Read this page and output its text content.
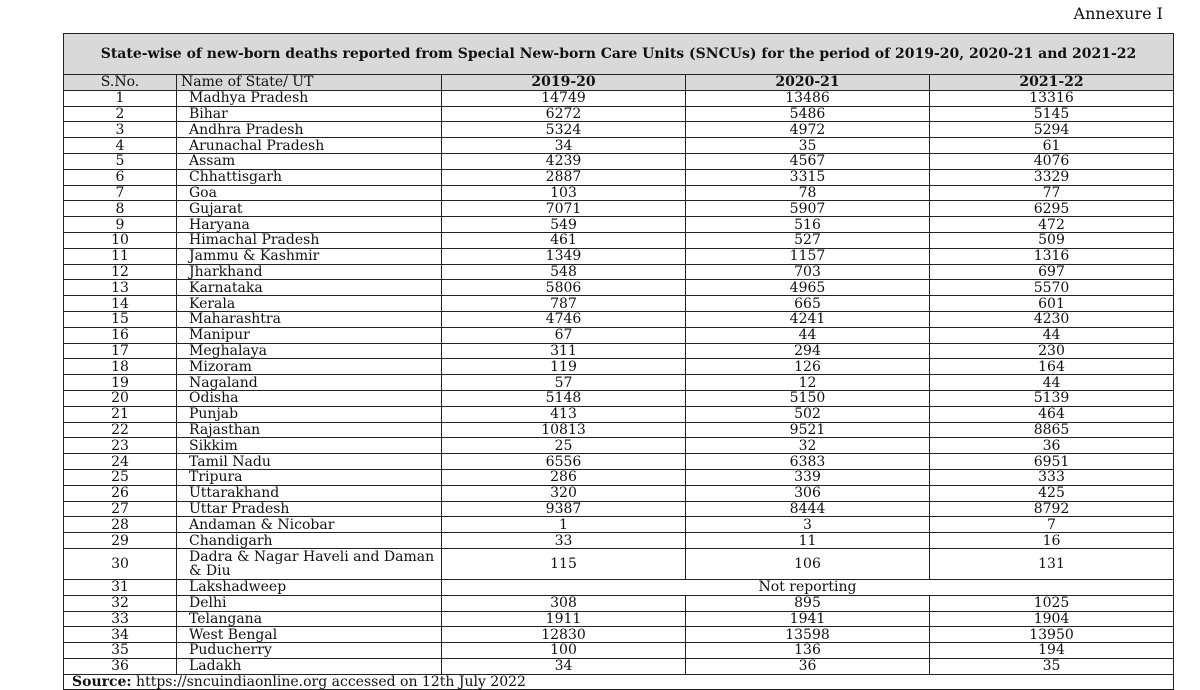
Annexure I
State-wise of new-born deaths reported from Special New-born Care Units (SNCUs) for the period of 2019-20, 2020-21 and 2021-22				
S.No.	Name of State/ UT	2019-20	2020-21	2021-22
1	Madhya Pradesh	14749	13486	13316
2	Bihar	6272	5486	5145
3	Andhra Pradesh	5324	4972	5294
4	Arunachal Pradesh	34	35	61
5	Assam	4239	4567	4076
6	Chhattisgarh	2887	3315	3329
7	Goa	103	78	77
8	Gujarat	7071	5907	6295
9	Haryana	549	516	472
10	Himachal Pradesh	461	527	509
11	Jammu & Kashmir	1349	1157	1316
12	Jharkhand	548	703	697
13	Karnataka	5806	4965	5570
14	Kerala	787	665	601
15	Maharashtra	4746	4241	4230
16	Manipur	67	44	44
17	Meghalaya	311	294	230
18	Mizoram	119	126	164
19	Nagaland	57	12	44
20	Odisha	5148	5150	5139
21	Punjab	413	502	464
22	Rajasthan	10813	9521	8865
23	Sikkim	25	32	36
24	Tamil Nadu	6556	6383	6951
25	Tripura	286	339	333
26	Uttarakhand	320	306	425
27	Uttar Pradesh	9387	8444	8792
28	Andaman & Nicobar	1	3	7
29	Chandigarh	33	11	16
30	Dadra & Nagar Haveli and Daman & Diu	115	106	131
31	Lakshadweep	Not reporting		
32	Delhi	308	895	1025
33	Telangana	1911	1941	1904
34	West Bengal	12830	13598	13950
35	Puducherry	100	136	194
36	Ladakh	34	36	35
Source: https://sncuindiaonline.org accessed on 12th July 2022				
